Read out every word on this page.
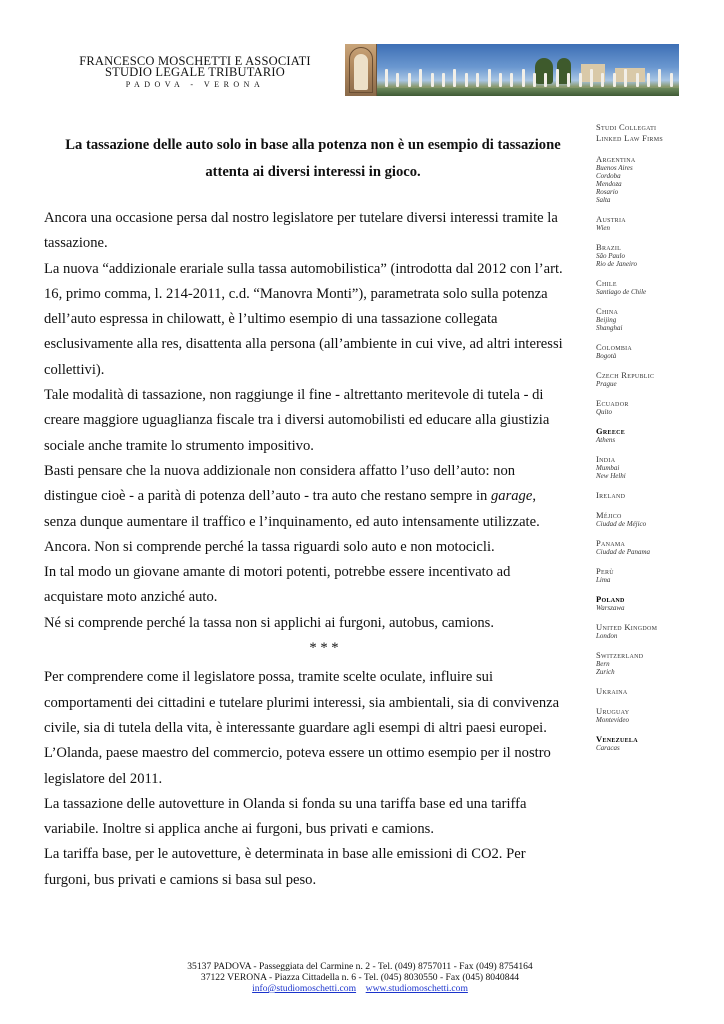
FRANCESCO MOSCHETTI E ASSOCIATI
STUDIO LEGALE TRIBUTARIO
PADOVA - VERONA
La tassazione delle auto solo in base alla potenza non è un esempio di tassazione
attenta ai diversi interessi in gioco.

Ancora una occasione persa dal nostro legislatore per tutelare diversi interessi tramite la

tassazione.

La nuova “addizionale erariale sulla tassa automobilistica” (introdotta dal 2012 con l’art.

16, primo comma, l. 214-2011, c.d. “Manovra Monti”), parametrata solo sulla potenza

dell’auto espressa in chilowatt, è l’ultimo esempio di una tassazione collegata

esclusivamente alla res, disattenta alla persona (all’ambiente in cui vive, ad altri interessi

collettivi).

Tale modalità di tassazione, non raggiunge il fine - altrettanto meritevole di tutela - di

creare maggiore uguaglianza fiscale tra i diversi automobilisti ed educare alla giustizia

sociale anche tramite lo strumento impositivo.

Basti pensare che la nuova addizionale non considera affatto l’uso dell’auto: non

distingue cioè - a parità di potenza dell’auto - tra auto che restano sempre in garage,

senza dunque aumentare il traffico e l’inquinamento, ed auto intensamente utilizzate.

Ancora. Non si comprende perché la tassa riguardi solo auto e non motocicli.

In tal modo un giovane amante di motori potenti, potrebbe essere incentivato ad

acquistare moto anziché auto.

Né si comprende perché la tassa non si applichi ai furgoni, autobus, camions.

* * *

Per comprendere come il legislatore possa, tramite scelte oculate, influire sui

comportamenti dei cittadini e tutelare plurimi interessi, sia ambientali, sia di convivenza

civile, sia di tutela della vita, è interessante guardare agli esempi di altri paesi europei.

L’Olanda, paese maestro del commercio, poteva essere un ottimo esempio per il nostro

legislatore del 2011.

La tassazione delle autovetture in Olanda si fonda su una tariffa base ed una tariffa

variabile. Inoltre si applica anche ai furgoni, bus privati e camions.

La tariffa base, per le autovetture, è determinata in base alle emissioni di CO2. Per

furgoni, bus privati e camions si basa sul peso.

Studi Collegati
Linked Law Firms
Argentina
Buenos Aires
Cordoba
Mendoza
Rosario
Salta
Austria
Wien
Brazil
São Paulo
Rio de Janeiro
Chile
Santiago de Chile
China
Beijing
Shanghai
Colombia
Bogotà
Czech Republic
Prague
Ecuador
Quito
Greece
Athens
India
Mumbai
New Helhi
Ireland
Méjico
Ciudad de Méjico
Panama
Ciudad de Panama
Perù
Lima
Poland
Warszawa
United Kingdom
London
Switzerland
Bern
Zurich
Ukraina
Uruguay
Montevideo
Venezuela
Caracas
35137 PADOVA - Passeggiata del Carmine n. 2 - Tel. (049) 8757011 - Fax (049) 8754164
37122 VERONA - Piazza Cittadella n. 6 - Tel. (045) 8030550 - Fax (045) 8040844
info@studiomoschetti.com www.studiomoschetti.com
